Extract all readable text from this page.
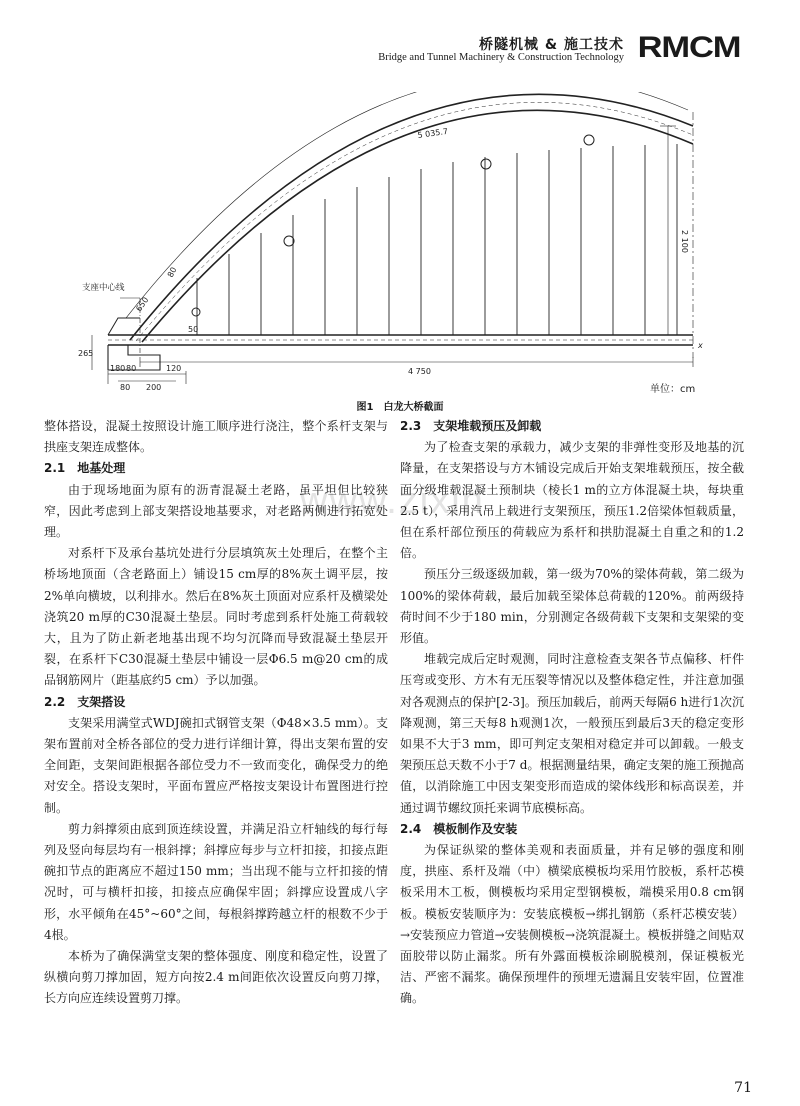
桥隧机械 & 施工技术
Bridge and Tunnel Machinery & Construction Technology RMCM
www.zixin
5 035.7
2 100
4 750
支座中心线
80
650
50
265
180 80	120
80 200
x
单位：cm
图1　白龙大桥截面

整体搭设，混凝土按照设计施工顺序进行浇注，整个系杆支架与拱座支架连成整体。

2.1　地基处理

由于现场地面为原有的沥青混凝土老路，虽平坦但比较狭窄，因此考虑到上部支架搭设地基要求，对老路两侧进行拓宽处理。

对系杆下及承台基坑处进行分层填筑灰土处理后，在整个主桥场地顶面（含老路面上）铺设15 cm厚的8%灰土调平层，按2%单向横坡，以利排水。然后在8%灰土顶面对应系杆及横梁处浇筑20 m厚的C30混凝土垫层。同时考虑到系杆处施工荷载较大，且为了防止新老地基出现不均匀沉降而导致混凝土垫层开裂，在系杆下C30混凝土垫层中铺设一层Φ6.5 m@20 cm的成品钢筋网片（距基底约5 cm）予以加强。

2.2　支架搭设

支架采用满堂式WDJ碗扣式钢管支架（Φ48×3.5 mm）。支架布置前对全桥各部位的受力进行详细计算，得出支架布置的安全间距，支架间距根据各部位受力不一致而变化，确保受力的绝对安全。搭设支架时，平面布置应严格按支架设计布置图进行控制。

剪力斜撑须由底到顶连续设置，并满足沿立杆轴线的每行每列及竖向每层均有一根斜撑；斜撑应每步与立杆扣接，扣接点距碗扣节点的距离应不超过150 mm；当出现不能与立杆扣接的情况时，可与横杆扣接，扣接点应确保牢固；斜撑应设置成八字形，水平倾角在45°~60°之间，每根斜撑跨越立杆的根数不少于4根。

本桥为了确保满堂支架的整体强度、刚度和稳定性，设置了纵横向剪刀撑加固，短方向按2.4 m间距依次设置反向剪刀撑，长方向应连续设置剪刀撑。

2.3　支架堆载预压及卸载

为了检查支架的承载力，减少支架的非弹性变形及地基的沉降量，在支架搭设与方木铺设完成后开始支架堆载预压，按全截面分级堆载混凝土预制块（棱长1 m的立方体混凝土块，每块重2.5 t），采用汽吊上载进行支架预压，预压1.2倍梁体恒载质量，但在系杆部位预压的荷载应为系杆和拱肋混凝土自重之和的1.2倍。

预压分三级逐级加载，第一级为70%的梁体荷载，第二级为100%的梁体荷载，最后加载至梁体总荷载的120%。前两级持荷时间不少于180 min，分别测定各级荷载下支架和支架梁的变形值。

堆载完成后定时观测，同时注意检查支架各节点偏移、杆件压弯或变形、方木有无压裂等情况以及整体稳定性，并注意加强对各观测点的保护[2-3]。预压加载后，前两天每隔6 h进行1次沉降观测，第三天每8 h观测1次，一般预压到最后3天的稳定变形如果不大于3 mm，即可判定支架相对稳定并可以卸载。一般支架预压总天数不小于7 d。根据测量结果，确定支架的施工预抛高值，以消除施工中因支架变形而造成的梁体线形和标高误差，并通过调节螺纹顶托来调节底模标高。

2.4　模板制作及安装

为保证纵梁的整体美观和表面质量，并有足够的强度和刚度，拱座、系杆及端（中）横梁底模板均采用竹胶板，系杆芯模板采用木工板，侧模板均采用定型钢模板，端模采用0.8 cm钢板。模板安装顺序为：安装底模板→绑扎钢筋（系杆芯模安装）→安装预应力管道→安装侧模板→浇筑混凝土。模板拼缝之间贴双面胶带以防止漏浆。所有外露面模板涂刷脱模剂，保证模板光洁、严密不漏浆。确保预埋件的预埋无遗漏且安装牢固，位置准确。

71
